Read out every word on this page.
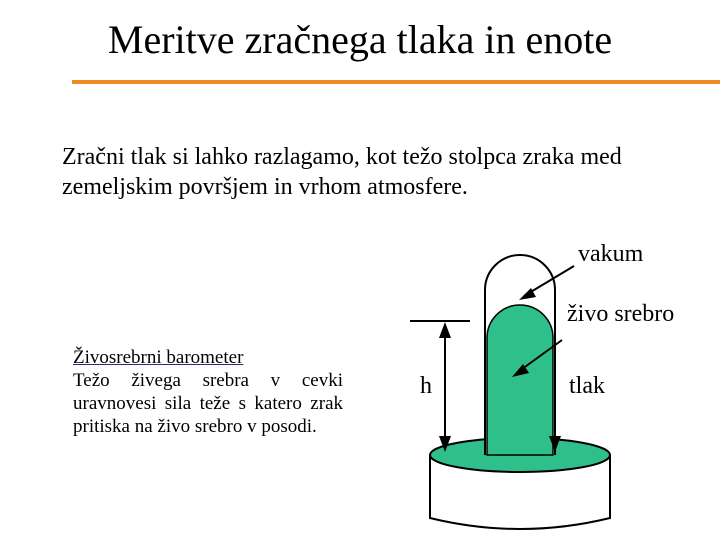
Meritve zračnega tlaka in enote
Zračni tlak si lahko razlagamo, kot težo stolpca zraka med zemeljskim površjem in vrhom atmosfere.
vakum
živo srebro
h	tlak
Živosrebrni barometer
Težo živega srebra v cevki uravnovesi sila teže s katero zrak pritiska na živo srebro v posodi.
